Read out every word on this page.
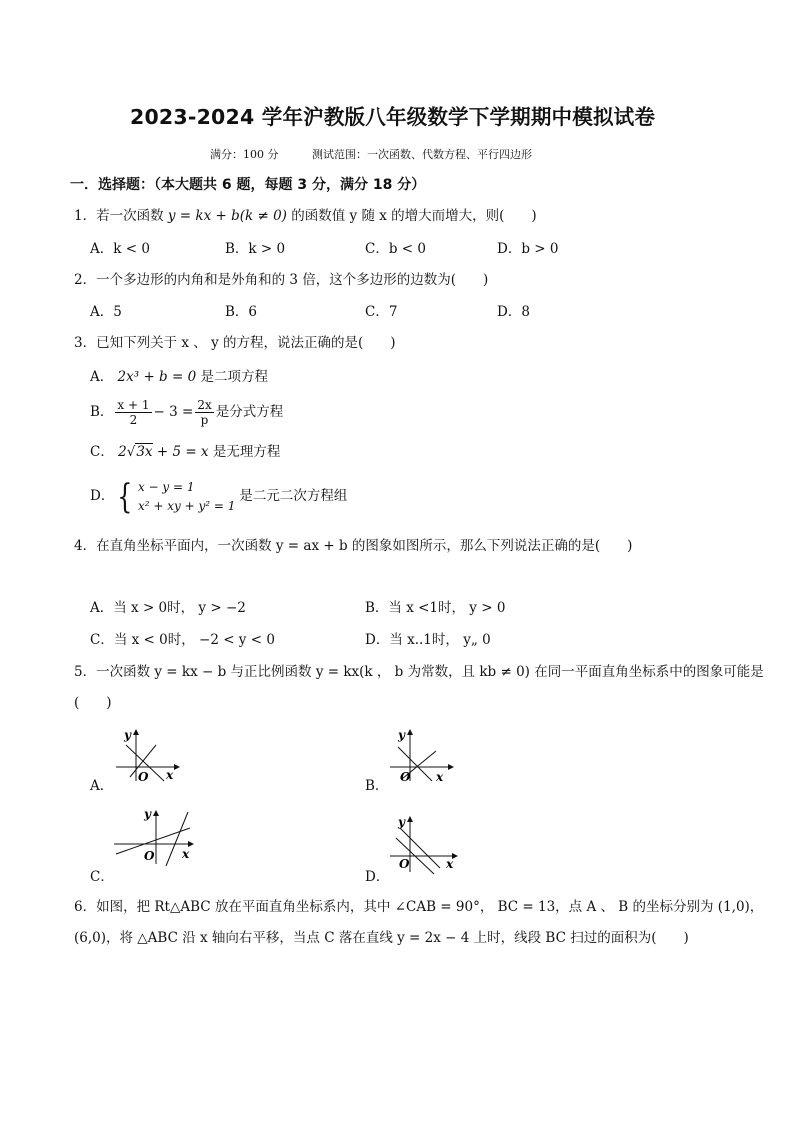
2023-2024 学年沪教版八年级数学下学期期中模拟试卷
满分：100 分	测试范围：一次函数、代数方程、平行四边形
一．选择题：（本大题共 6 题，每题 3 分，满分 18 分）
1．若一次函数 y = kx + b(k ≠ 0) 的函数值 y 随 x 的增大而增大，则(　　)
A．k < 0	B．k > 0	C．b < 0	D．b > 0
2．一个多边形的内角和是外角和的 3 倍，这个多边形的边数为(　　)
A．5	B．6	C．7	D．8
3．已知下列关于 x 、 y 的方程，说法正确的是(　　)
A． 2x³ + b = 0 是二项方程
B． $\frac{x + 1}{2} - 3 = \frac{2x}{p}$ 是分式方程
C． 2√3x + 5 = x 是无理方程
D．{ x − y = 1
x² + xy + y² = 1
是二元二次方程组
4．在直角坐标平面内，一次函数 y = ax + b 的图象如图所示，那么下列说法正确的是(　　)
A．当 x > 0时， y > −2	B．当 x <1时， y > 0
C．当 x < 0时， −2 < y < 0	D．当 x..1时， y„ 0
5．一次函数 y = kx − b 与正比例函数 y = kx(k ， b 为常数，且 kb ≠ 0) 在同一平面直角坐标系中的图象可能是
(　　)
A．	B．
C．	D．
y
O x
y
O x
y
O x
y
O	x
6．如图，把 Rt△ABC 放在平面直角坐标系内，其中 ∠CAB = 90°， BC = 13，点 A 、 B 的坐标分别为 (1,0)，
(6,0)，将 △ABC 沿 x 轴向右平移，当点 C 落在直线 y = 2x − 4 上时，线段 BC 扫过的面积为(　　)
